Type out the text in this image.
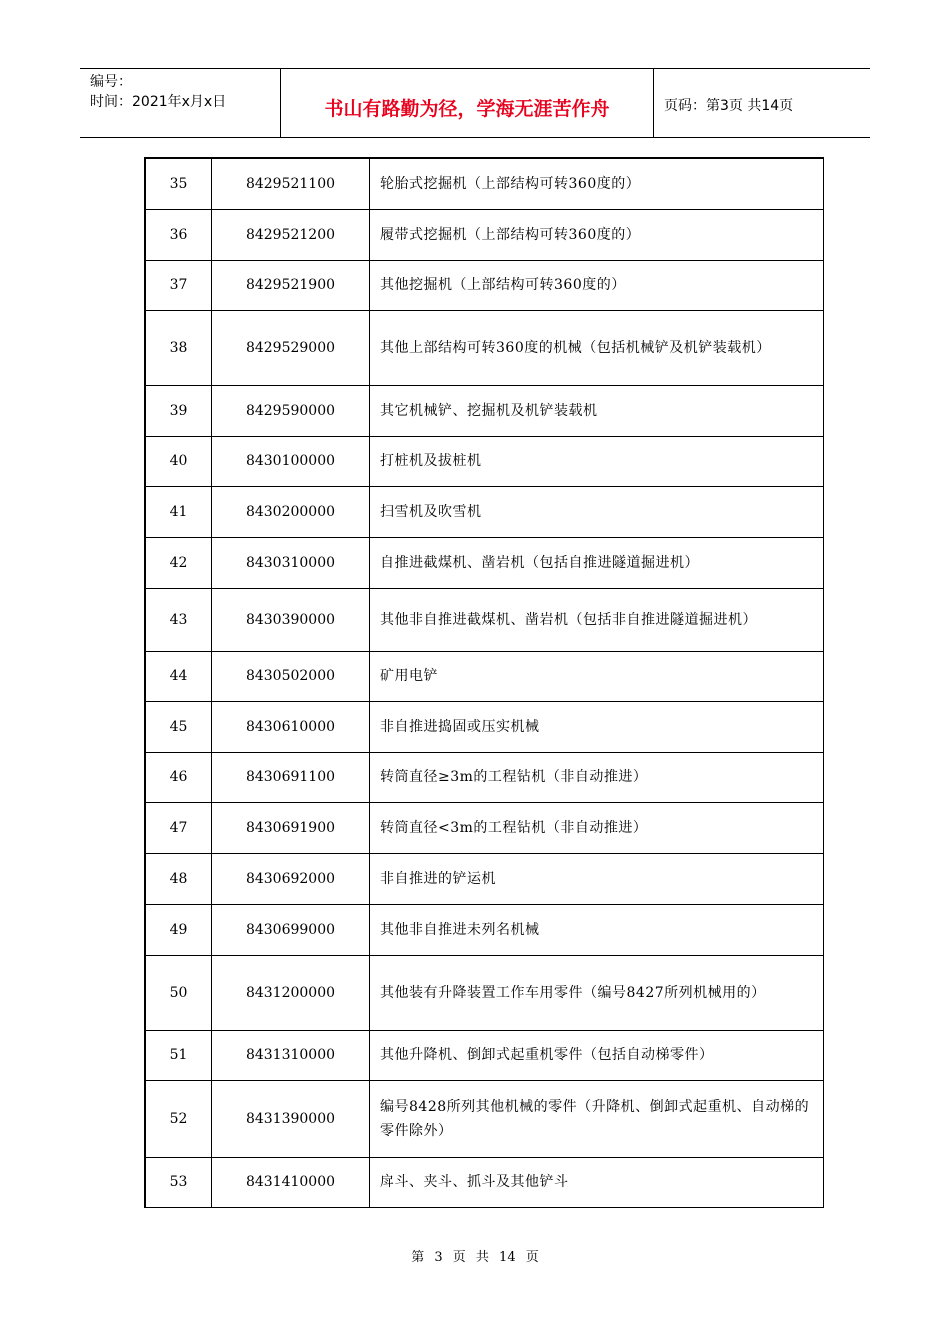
编号：
时间：2021年x月x日	书山有路勤为径，学海无涯苦作舟	页码：第3页 共14页
35	8429521100	轮胎式挖掘机（上部结构可转360度的）
36	8429521200	履带式挖掘机（上部结构可转360度的）
37	8429521900	其他挖掘机（上部结构可转360度的）
38	8429529000	其他上部结构可转360度的机械（包括机械铲及机铲装载机）
39	8429590000	其它机械铲、挖掘机及机铲装载机
40	8430100000	打桩机及拔桩机
41	8430200000	扫雪机及吹雪机
42	8430310000	自推进截煤机、凿岩机（包括自推进隧道掘进机）
43	8430390000	其他非自推进截煤机、凿岩机（包括非自推进隧道掘进机）
44	8430502000	矿用电铲
45	8430610000	非自推进捣固或压实机械
46	8430691100	转筒直径≥3m的工程钻机（非自动推进）
47	8430691900	转筒直径<3m的工程钻机（非自动推进）
48	8430692000	非自推进的铲运机
49	8430699000	其他非自推进未列名机械
50	8431200000	其他装有升降装置工作车用零件（编号8427所列机械用的）
51	8431310000	其他升降机、倒卸式起重机零件（包括自动梯零件）
52	8431390000	编号8428所列其他机械的零件（升降机、倒卸式起重机、自动梯的零件除外）
53	8431410000	戽斗、夹斗、抓斗及其他铲斗
第 3 页 共 14 页
